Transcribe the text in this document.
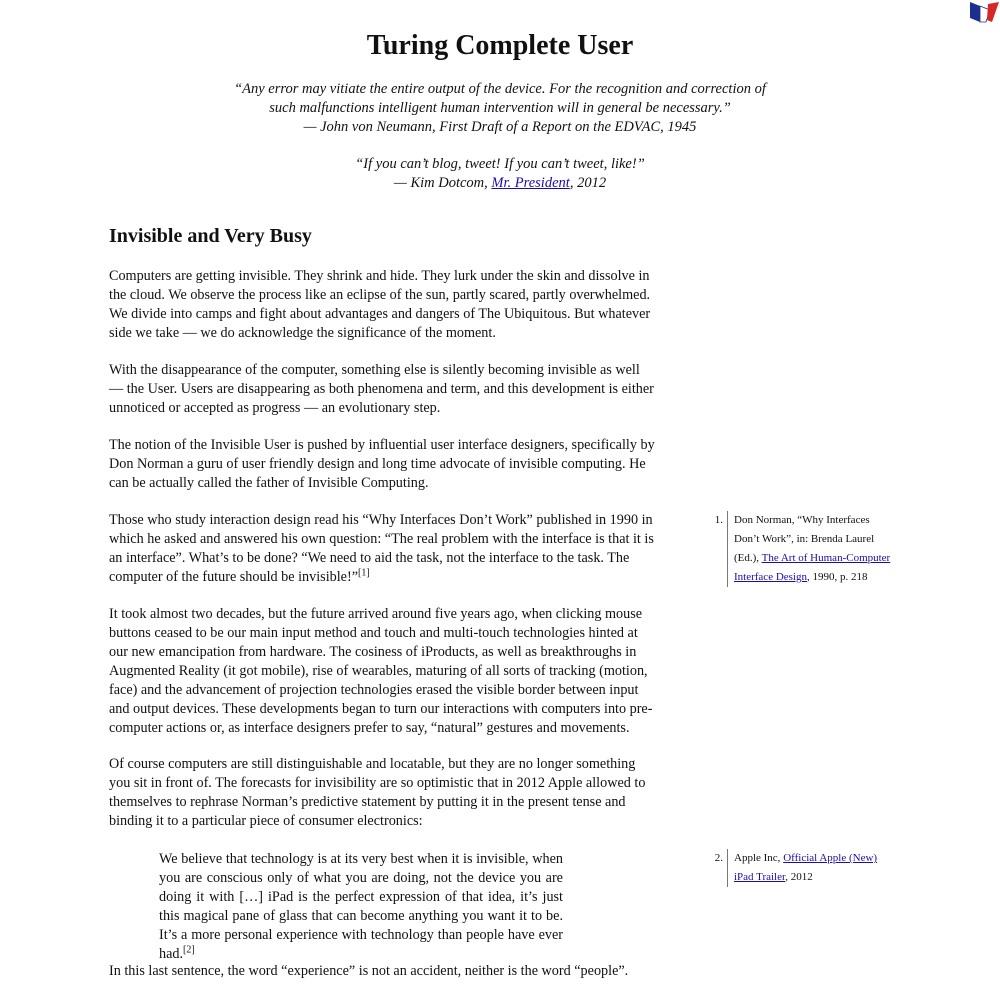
Turing Complete User
“Any error may vitiate the entire output of the device. For the recognition and correction of
such malfunctions intelligent human intervention will in general be necessary.”
— John von Neumann, First Draft of a Report on the EDVAC, 1945
“If you can’t blog, tweet! If you can’t tweet, like!”
— Kim Dotcom, Mr. President, 2012
Invisible and Very Busy

Computers are getting invisible. They shrink and hide. They lurk under the skin and dissolve in the cloud. We observe the process like an eclipse of the sun, partly scared, partly overwhelmed. We divide into camps and fight about advantages and dangers of The Ubiquitous. But whatever side we take — we do acknowledge the significance of the moment.

With the disappearance of the computer, something else is silently becoming invisible as well — the User. Users are disappearing as both phenomena and term, and this development is either unnoticed or accepted as progress — an evolutionary step.

The notion of the Invisible User is pushed by influential user interface designers, specifically by Don Norman a guru of user friendly design and long time advocate of invisible computing. He can be actually called the father of Invisible Computing.

Those who study interaction design read his “Why Interfaces Don’t Work” published in 1990 in which he asked and answered his own question: “The real problem with the interface is that it is an interface”. What’s to be done? “We need to aid the task, not the interface to the task. The computer of the future should be invisible!”[1]

It took almost two decades, but the future arrived around five years ago, when clicking mouse buttons ceased to be our main input method and touch and multi-touch technologies hinted at our new emancipation from hardware. The cosiness of iProducts, as well as breakthroughs in Augmented Reality (it got mobile), rise of wearables, maturing of all sorts of tracking (motion, face) and the advancement of projection technologies erased the visible border between input and output devices. These developments began to turn our interactions with computers into pre-computer actions or, as interface designers prefer to say, “natural” gestures and movements.

Of course computers are still distinguishable and locatable, but they are no longer something you sit in front of. The forecasts for invisibility are so optimistic that in 2012 Apple allowed to themselves to rephrase Norman’s predictive statement by putting it in the present tense and binding it to a particular piece of consumer electronics:

We believe that technology is at its very best when it is invisible, when you are conscious only of what you are doing, not the device you are doing it with […] iPad is the perfect expression of that idea, it’s just this magical pane of glass that can become anything you want it to be. It’s a more personal experience with technology than people have ever had.[2]

In this last sentence, the word “experience” is not an accident, neither is the word “people”.

1.	Don Norman, “Why Interfaces Don’t Work”, in: Brenda Laurel (Ed.), The Art of Human-Computer Interface Design, 1990, p. 218
2.	Apple Inc, Official Apple (New) iPad Trailer, 2012
